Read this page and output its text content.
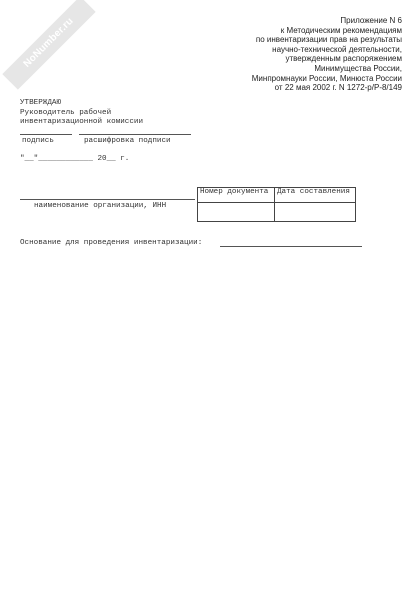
NoNumber.ru	Приложение N 6
к Методическим рекомендациям
по инвентаризации прав на результаты
научно-технической деятельности,
утвержденным распоряжением
Минимущества России,
Минпромнауки России, Минюста России
от 22 мая 2002 г. N 1272-р/Р-8/149
УТВЕРЖДАЮ
Руководитель рабочей
инвентаризационной комиссии
подпись	расшифровка подписи
"__"____________ 20__ г.
наименование организации, ИНН
Номер документа	Дата составления

Основание для проведения инвентаризации:
